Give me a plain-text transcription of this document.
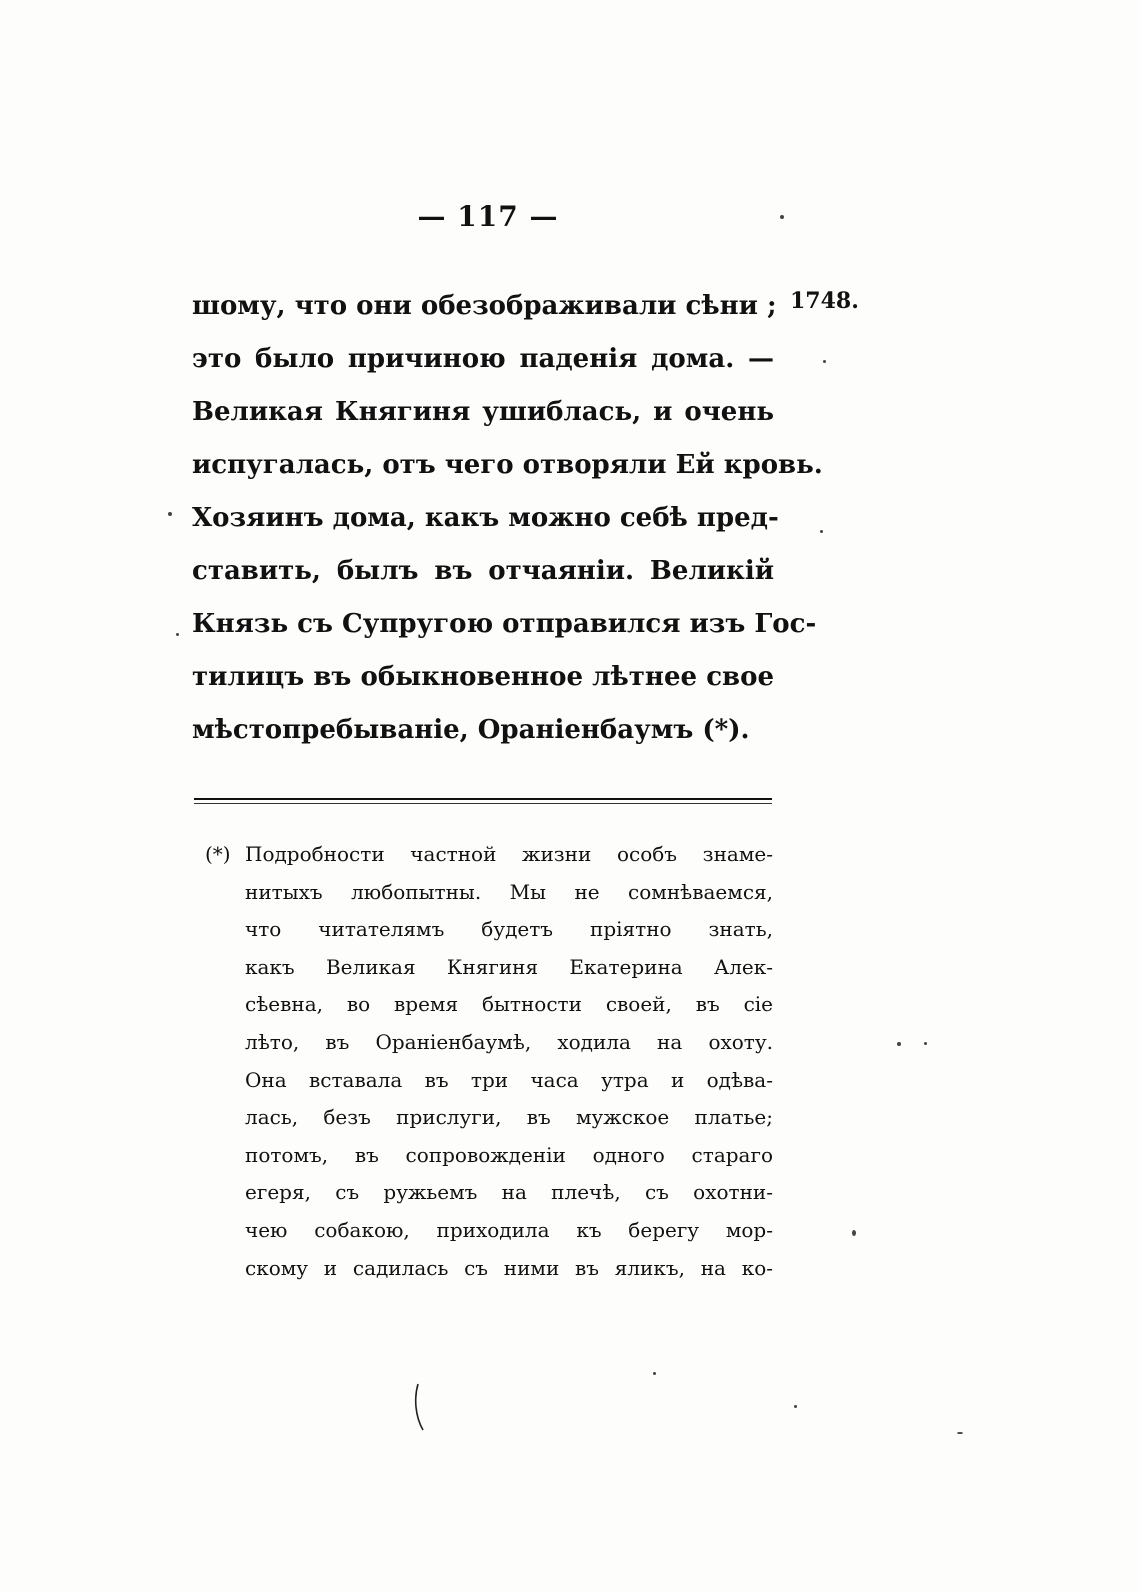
— 117 —
1748.
шому, что они обезображивали сѣни ;
это было причиною паденія дома. —
Великая Княгиня ушиблась, и очень
испугалась, отъ чего отворяли Ей кровь.
Хозяинъ дома, какъ можно себѣ пред-
ставить, былъ въ отчаяніи. Великій
Князь съ Супругою отправился изъ Гос-
тилицъ въ обыкновенное лѣтнее свое
мѣстопребываніе, Ораніенбаумъ (*).
(*) Подробности частной жизни особъ знаме-
нитыхъ любопытны. Мы не сомнѣваемся,
что читателямъ будетъ пріятно знать,
какъ Великая Княгиня Екатерина Алек-
сѣевна, во время бытности своей, въ сіе
лѣто, въ Ораніенбаумѣ, ходила на охоту.
Она вставала въ три часа утра и одѣва-
лась, безъ прислуги, въ мужское платье;
потомъ, въ сопровожденіи одного стараго
егеря, съ ружьемъ на плечѣ, съ охотни-
чею собакою, приходила къ берегу мор-
скому и садилась съ ними въ яликъ, на ко-
